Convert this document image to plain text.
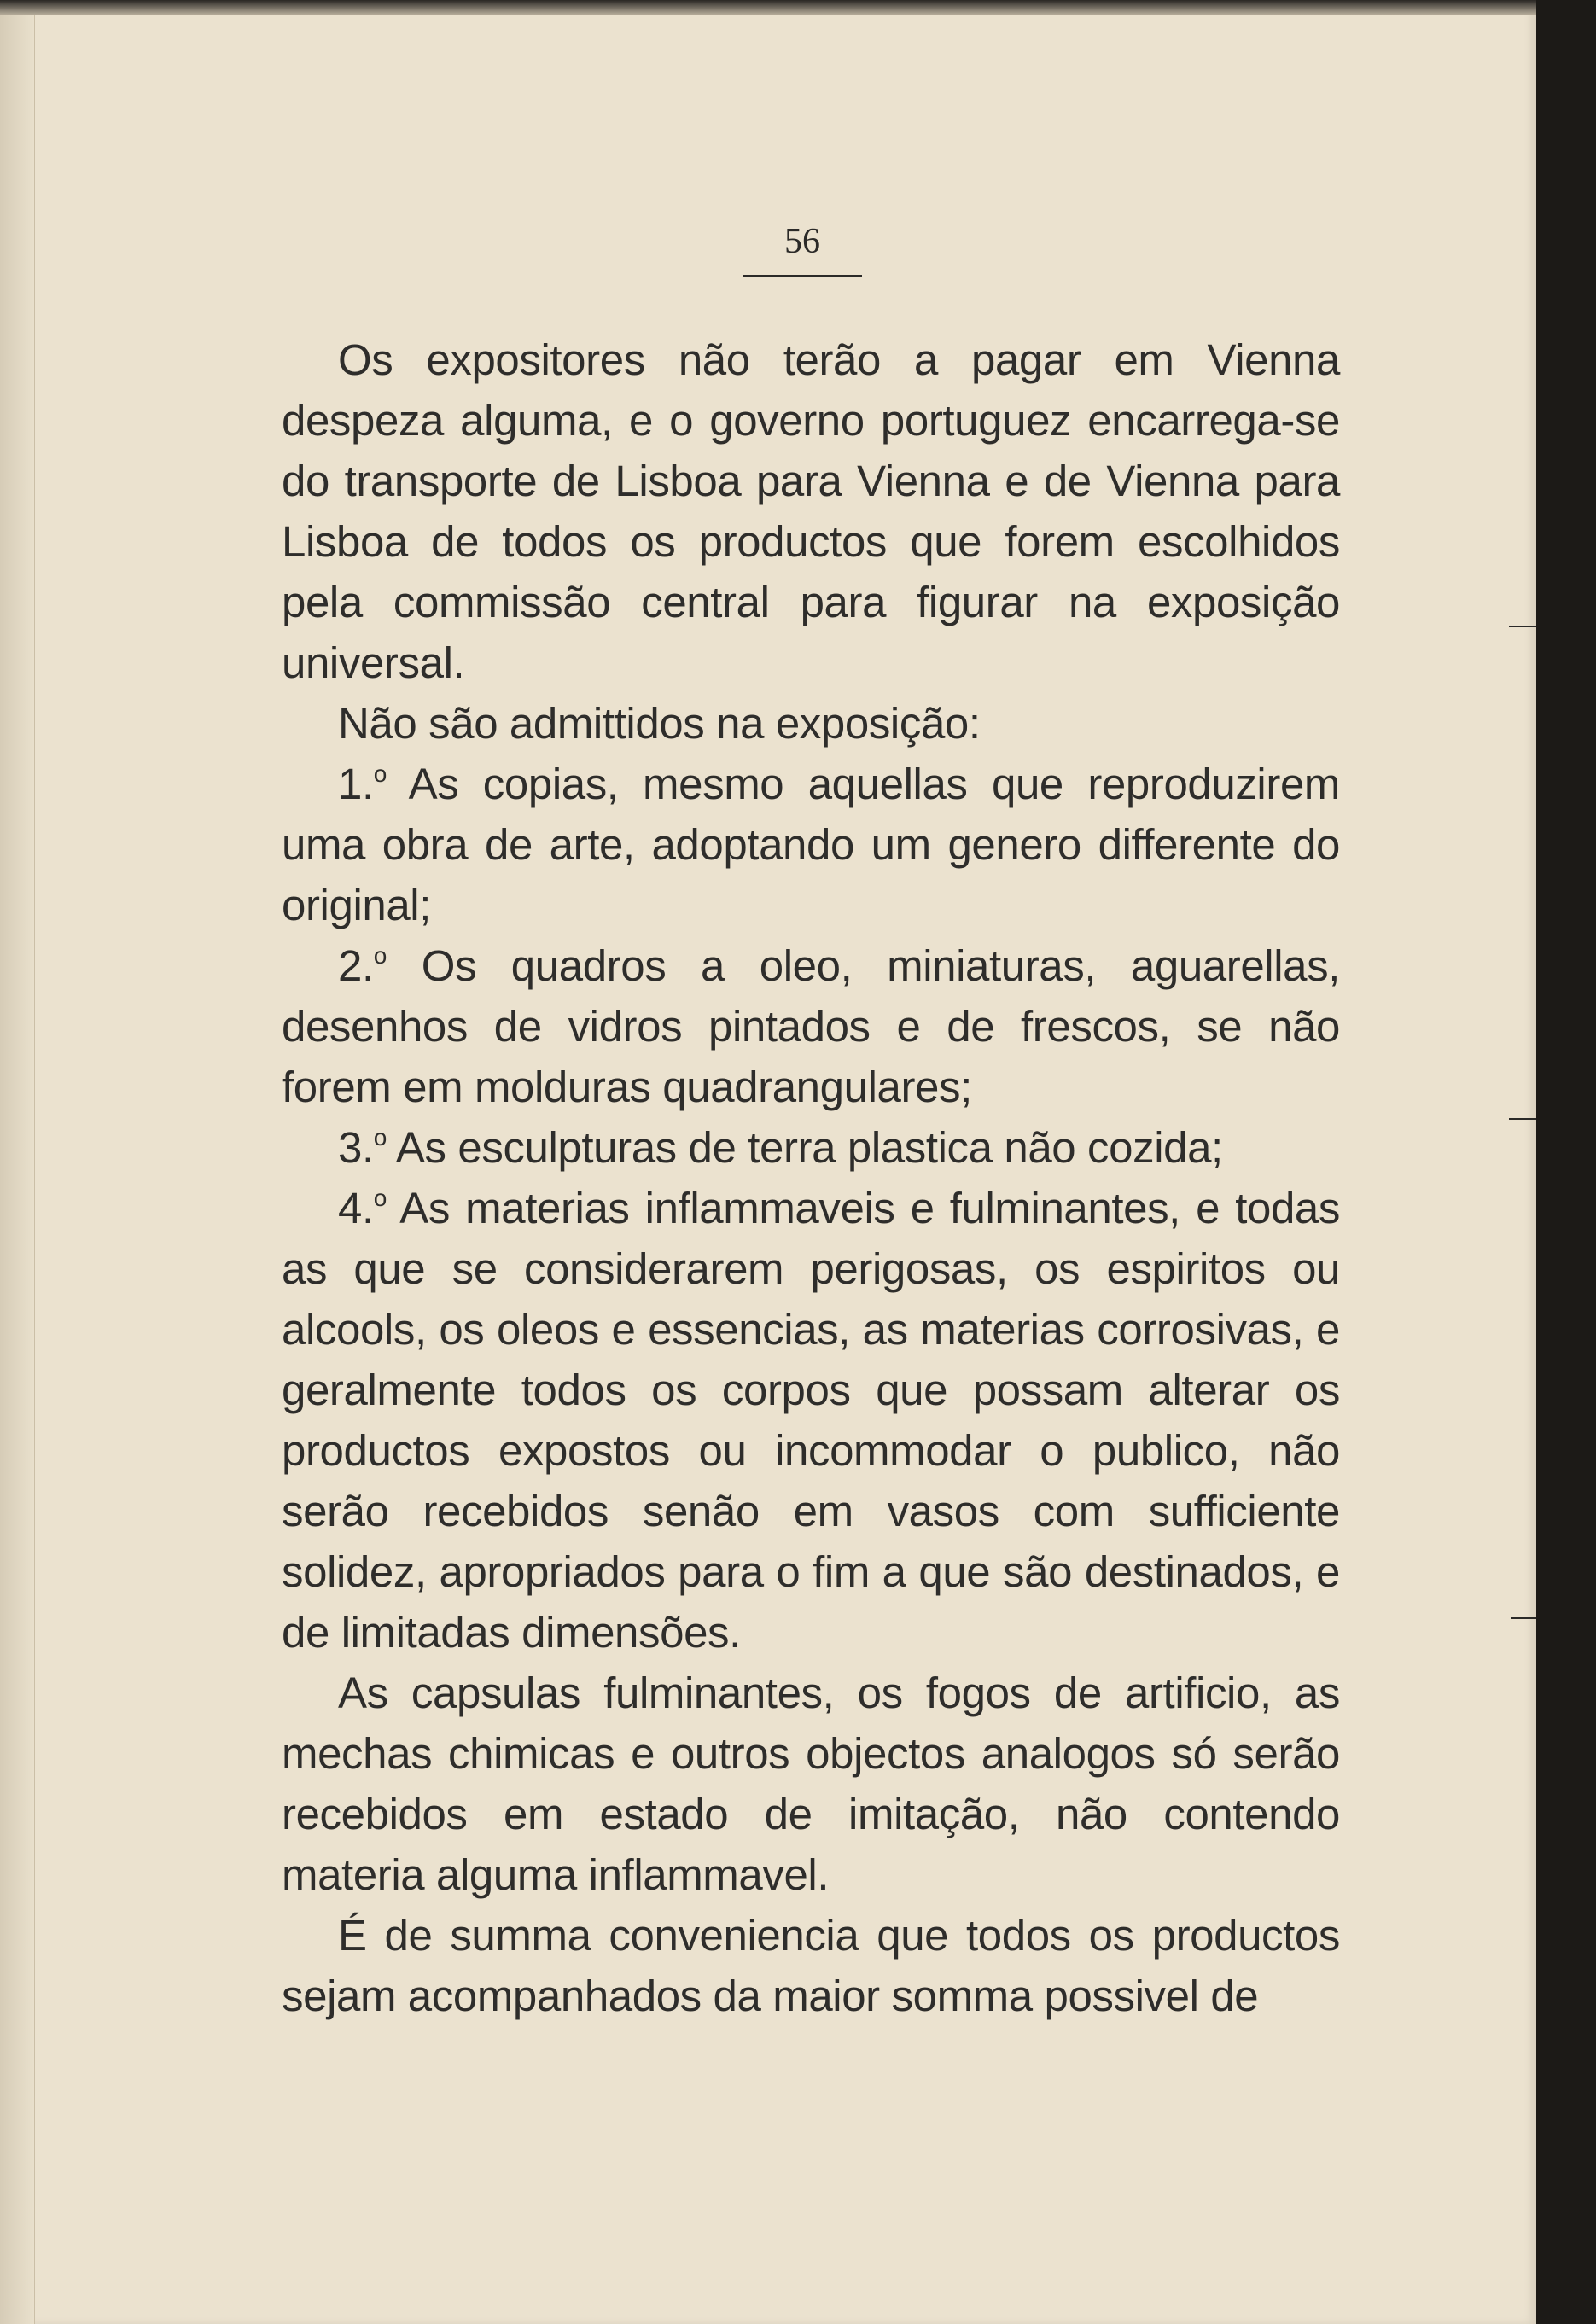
56

Os expositores não terão a pagar em Vienna despeza alguma, e o governo portuguez encarrega-se do transporte de Lisboa para Vienna e de Vienna para Lisboa de todos os productos que forem escolhidos pela commissão central para figurar na exposição universal.

Não são admittidos na exposição:

1.$^o$ As copias, mesmo aquellas que reproduzirem uma obra de arte, adoptando um genero differente do original;

2.$^o$ Os quadros a oleo, miniaturas, aguarellas, desenhos de vidros pintados e de frescos, se não forem em molduras quadrangulares;

3.$^o$ As esculpturas de terra plastica não cozida;

4.$^o$ As materias inflammaveis e fulminantes, e todas as que se considerarem perigosas, os espiritos ou alcools, os oleos e essencias, as materias corrosivas, e geralmente todos os corpos que possam alterar os productos expostos ou incommodar o publico, não serão recebidos senão em vasos com sufficiente solidez, apropriados para o fim a que são destinados, e de limitadas dimensões.

As capsulas fulminantes, os fogos de artificio, as mechas chimicas e outros objectos analogos só serão recebidos em estado de imitação, não contendo materia alguma inflammavel.

É de summa conveniencia que todos os productos sejam acompanhados da maior somma possivel de
